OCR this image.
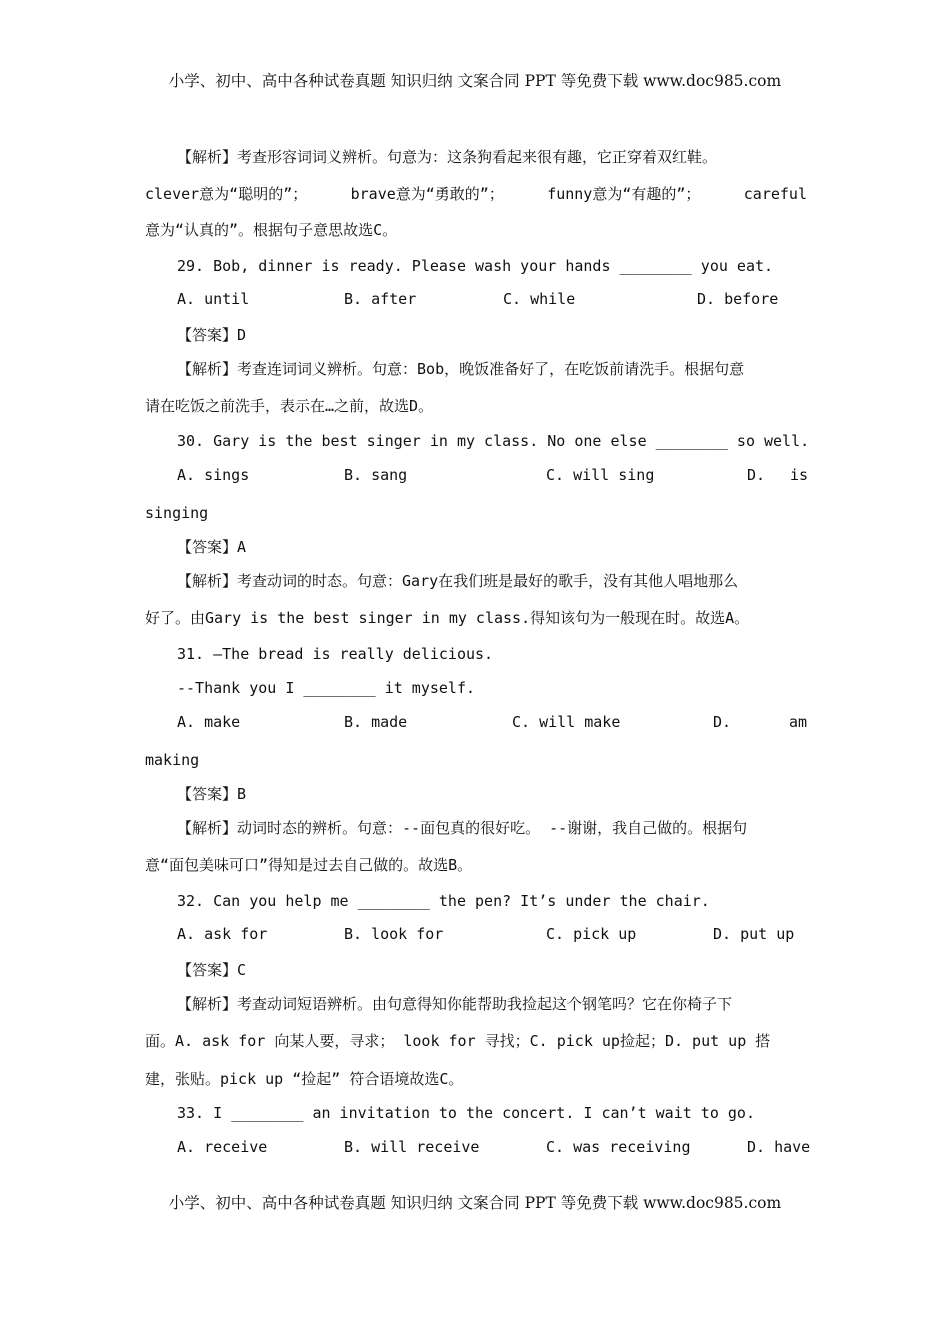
小学、初中、高中各种试卷真题 知识归纳 文案合同 PPT 等免费下载 www.doc985.com
【解析】考查形容词词义辨析。句意为：这条狗看起来很有趣，它正穿着双红鞋。
clever意为“聪明的”；	brave意为“勇敢的”；	funny意为“有趣的”；	careful
意为“认真的”。根据句子意思故选C。
29. Bob, dinner is ready. Please wash your hands ________ you eat.
A. until	B. after	C. while	D. before
【答案】D
【解析】考查连词词义辨析。句意：Bob，晚饭准备好了，在吃饭前请洗手。根据句意
请在吃饭之前洗手，表示在…之前，故选D。
30. Gary is the best singer in my class. No one else ________ so well.
A. sings	B. sang	C. will sing	D. is
singing
【答案】A
【解析】考查动词的时态。句意：Gary在我们班是最好的歌手，没有其他人唱地那么
好了。由Gary is the best singer in my class.得知该句为一般现在时。故选A。
31. –The bread is really delicious.
--Thank you I ________ it myself.
A. make	B. made	C. will make	D.	am
making
【答案】B
【解析】动词时态的辨析。句意：--面包真的很好吃。 --谢谢，我自己做的。根据句
意“面包美味可口”得知是过去自己做的。故选B。
32. Can you help me ________ the pen? It’s under the chair.
A. ask for	B. look for	C. pick up	D. put up
【答案】C
【解析】考查动词短语辨析。由句意得知你能帮助我捡起这个钢笔吗？它在你椅子下
面。A. ask for 向某人要，寻求； look for 寻找；C. pick up捡起；D. put up 搭
建，张贴。pick up “捡起” 符合语境故选C。
33. I ________ an invitation to the concert. I can’t wait to go.
A. receive	B. will receive	C. was receiving	D. have
小学、初中、高中各种试卷真题 知识归纳 文案合同 PPT 等免费下载 www.doc985.com
